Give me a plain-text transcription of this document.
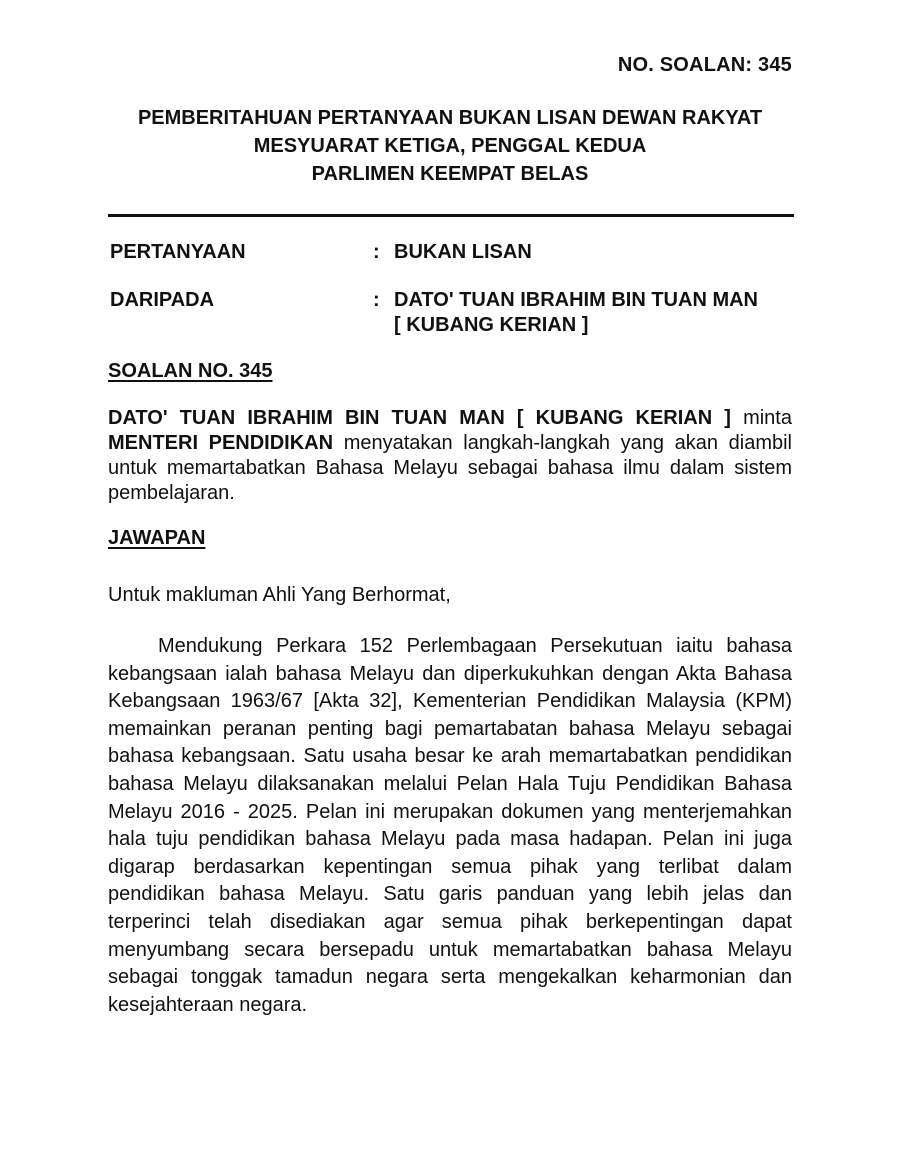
NO. SOALAN: 345
PEMBERITAHUAN PERTANYAAN BUKAN LISAN DEWAN RAKYAT
MESYUARAT KETIGA, PENGGAL KEDUA
PARLIMEN KEEMPAT BELAS
PERTANYAAN	: BUKAN LISAN
DARIPADA	: DATO' TUAN IBRAHIM BIN TUAN MAN
[ KUBANG KERIAN ]
SOALAN NO. 345
DATO' TUAN IBRAHIM BIN TUAN MAN [ KUBANG KERIAN ] minta MENTERI PENDIDIKAN menyatakan langkah-langkah yang akan diambil untuk memartabatkan Bahasa Melayu sebagai bahasa ilmu dalam sistem pembelajaran.
JAWAPAN
Untuk makluman Ahli Yang Berhormat,
Mendukung Perkara 152 Perlembagaan Persekutuan iaitu bahasa kebangsaan ialah bahasa Melayu dan diperkukuhkan dengan Akta Bahasa Kebangsaan 1963/67 [Akta 32], Kementerian Pendidikan Malaysia (KPM) memainkan peranan penting bagi pemartabatan bahasa Melayu sebagai bahasa kebangsaan. Satu usaha besar ke arah memartabatkan pendidikan bahasa Melayu dilaksanakan melalui Pelan Hala Tuju Pendidikan Bahasa Melayu 2016 - 2025. Pelan ini merupakan dokumen yang menterjemahkan hala tuju pendidikan bahasa Melayu pada masa hadapan. Pelan ini juga digarap berdasarkan kepentingan semua pihak yang terlibat dalam pendidikan bahasa Melayu. Satu garis panduan yang lebih jelas dan terperinci telah disediakan agar semua pihak berkepentingan dapat menyumbang secara bersepadu untuk memartabatkan bahasa Melayu sebagai tonggak tamadun negara serta mengekalkan keharmonian dan kesejahteraan negara.
